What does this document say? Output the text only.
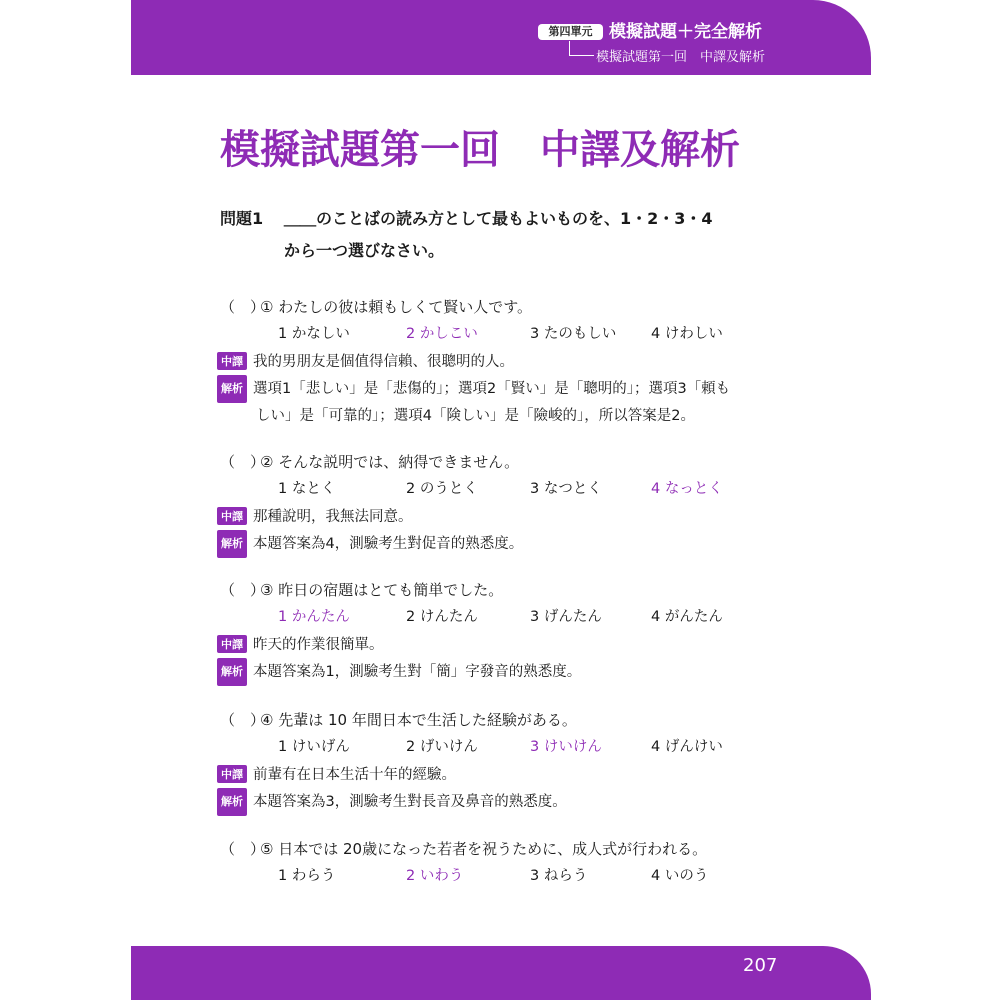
第四單元 模擬試題＋完全解析
模擬試題第一回　中譯及解析
模擬試題第一回　中譯及解析
問題1 ＿＿のことばの読み方として最もよいものを、1・2・3・4
から一つ選びなさい。
（　）① わたしの彼は頼もしくて賢い人です。
1 かなしい	2 かしこい	3 たのもしい 4 けわしい
中譯 我的男朋友是個值得信賴、很聰明的人。
解析 選項1「悲しい」是「悲傷的」；選項2「賢い」是「聰明的」；選項3「頼も
しい」是「可靠的」；選項4「険しい」是「險峻的」，所以答案是2。
（　）② そんな説明では、納得できません。
1 なとく	2 のうとく	3 なつとく	4 なっとく
中譯 那種說明，我無法同意。
解析 本題答案為4，測驗考生對促音的熟悉度。
（　）③ 昨日の宿題はとても簡単でした。
1 かんたん	2 けんたん	3 げんたん	4 がんたん
中譯 昨天的作業很簡單。
解析 本題答案為1，測驗考生對「簡」字發音的熟悉度。
（　）④ 先輩は 10 年間日本で生活した経験がある。
1 けいげん	2 げいけん	3 けいけん	4 げんけい
中譯 前輩有在日本生活十年的經驗。
解析 本題答案為3，測驗考生對長音及鼻音的熟悉度。
（　）⑤ 日本では 20歳になった若者を祝うために、成人式が行われる。
1 わらう	2 いわう	3 ねらう	4 いのう
207
